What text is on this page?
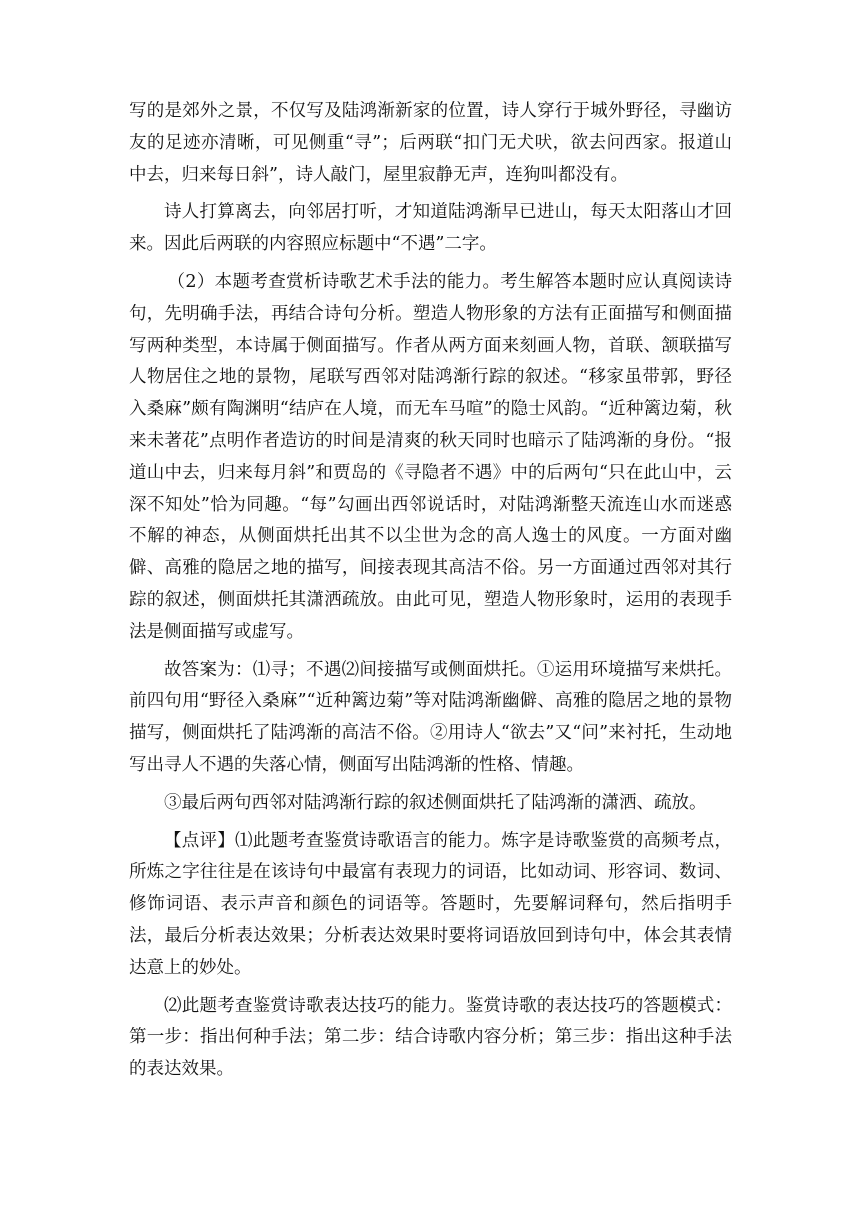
写的是郊外之景，不仅写及陆鸿渐新家的位置，诗人穿行于城外野径，寻幽访友的足迹亦清晰，可见侧重“寻”；后两联“扣门无犬吠，欲去问西家。报道山中去，归来每日斜”，诗人敲门，屋里寂静无声，连狗叫都没有。

诗人打算离去，向邻居打听，才知道陆鸿渐早已进山，每天太阳落山才回来。因此后两联的内容照应标题中“不遇”二字。

（2）本题考查赏析诗歌艺术手法的能力。考生解答本题时应认真阅读诗句，先明确手法，再结合诗句分析。塑造人物形象的方法有正面描写和侧面描写两种类型，本诗属于侧面描写。作者从两方面来刻画人物，首联、颔联描写人物居住之地的景物，尾联写西邻对陆鸿渐行踪的叙述。“移家虽带郭，野径入桑麻”颇有陶渊明“结庐在人境，而无车马喧”的隐士风韵。“近种篱边菊，秋来未著花”点明作者造访的时间是清爽的秋天同时也暗示了陆鸿渐的身份。“报道山中去，归来每月斜”和贾岛的《寻隐者不遇》中的后两句“只在此山中，云深不知处”恰为同趣。“每”勾画出西邻说话时，对陆鸿渐整天流连山水而迷惑不解的神态，从侧面烘托出其不以尘世为念的高人逸士的风度。一方面对幽僻、高雅的隐居之地的描写，间接表现其高洁不俗。另一方面通过西邻对其行踪的叙述，侧面烘托其潇洒疏放。由此可见，塑造人物形象时，运用的表现手法是侧面描写或虚写。

故答案为：⑴寻；不遇⑵间接描写或侧面烘托。①运用环境描写来烘托。前四句用“野径入桑麻”“近种篱边菊”等对陆鸿渐幽僻、高雅的隐居之地的景物描写，侧面烘托了陆鸿渐的高洁不俗。②用诗人“欲去”又“问”来衬托，生动地写出寻人不遇的失落心情，侧面写出陆鸿渐的性格、情趣。

③最后两句西邻对陆鸿渐行踪的叙述侧面烘托了陆鸿渐的潇洒、疏放。

【点评】⑴此题考查鉴赏诗歌语言的能力。炼字是诗歌鉴赏的高频考点，所炼之字往往是在该诗句中最富有表现力的词语，比如动词、形容词、数词、修饰词语、表示声音和颜色的词语等。答题时，先要解词释句，然后指明手法，最后分析表达效果；分析表达效果时要将词语放回到诗句中，体会其表情达意上的妙处。

⑵此题考查鉴赏诗歌表达技巧的能力。鉴赏诗歌的表达技巧的答题模式：第一步：指出何种手法；第二步：结合诗歌内容分析；第三步：指出这种手法的表达效果。
